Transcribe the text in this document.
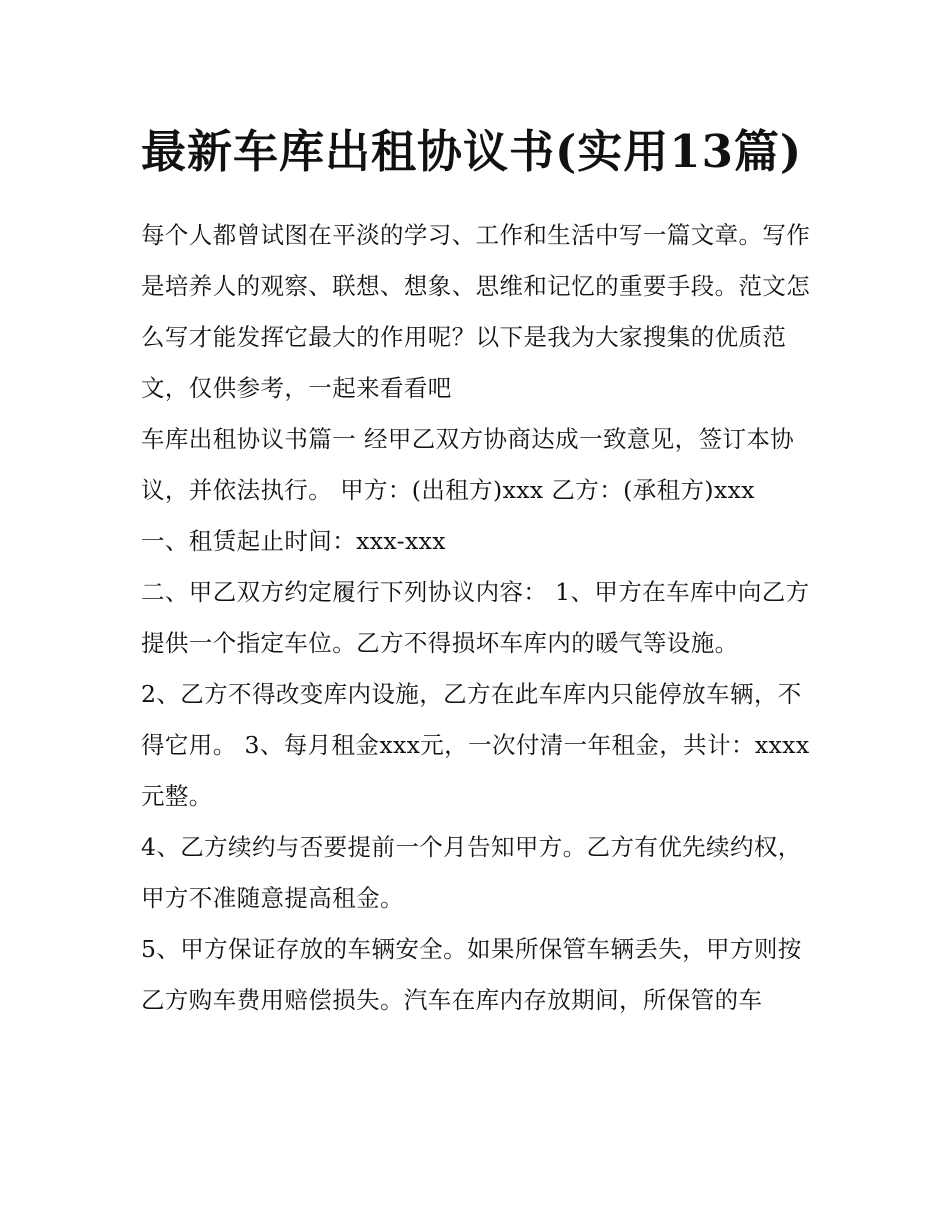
最新车库出租协议书(实用13篇)

每个人都曾试图在平淡的学习、工作和生活中写一篇文章。写作是培养人的观察、联想、想象、思维和记忆的重要手段。范文怎么写才能发挥它最大的作用呢？以下是我为大家搜集的优质范文，仅供参考，一起来看看吧

车库出租协议书篇一 经甲乙双方协商达成一致意见，签订本协议，并依法执行。 甲方：(出租方)xxx 乙方：(承租方)xxx

一、租赁起止时间：xxx-xxx

二、甲乙双方约定履行下列协议内容： 1、甲方在车库中向乙方提供一个指定车位。乙方不得损坏车库内的暖气等设施。

2、乙方不得改变库内设施，乙方在此车库内只能停放车辆，不得它用。 3、每月租金xxx元，一次付清一年租金，共计：xxxx元整。

4、乙方续约与否要提前一个月告知甲方。乙方有优先续约权，甲方不准随意提高租金。

5、甲方保证存放的车辆安全。如果所保管车辆丢失，甲方则按乙方购车费用赔偿损失。汽车在库内存放期间，所保管的车
